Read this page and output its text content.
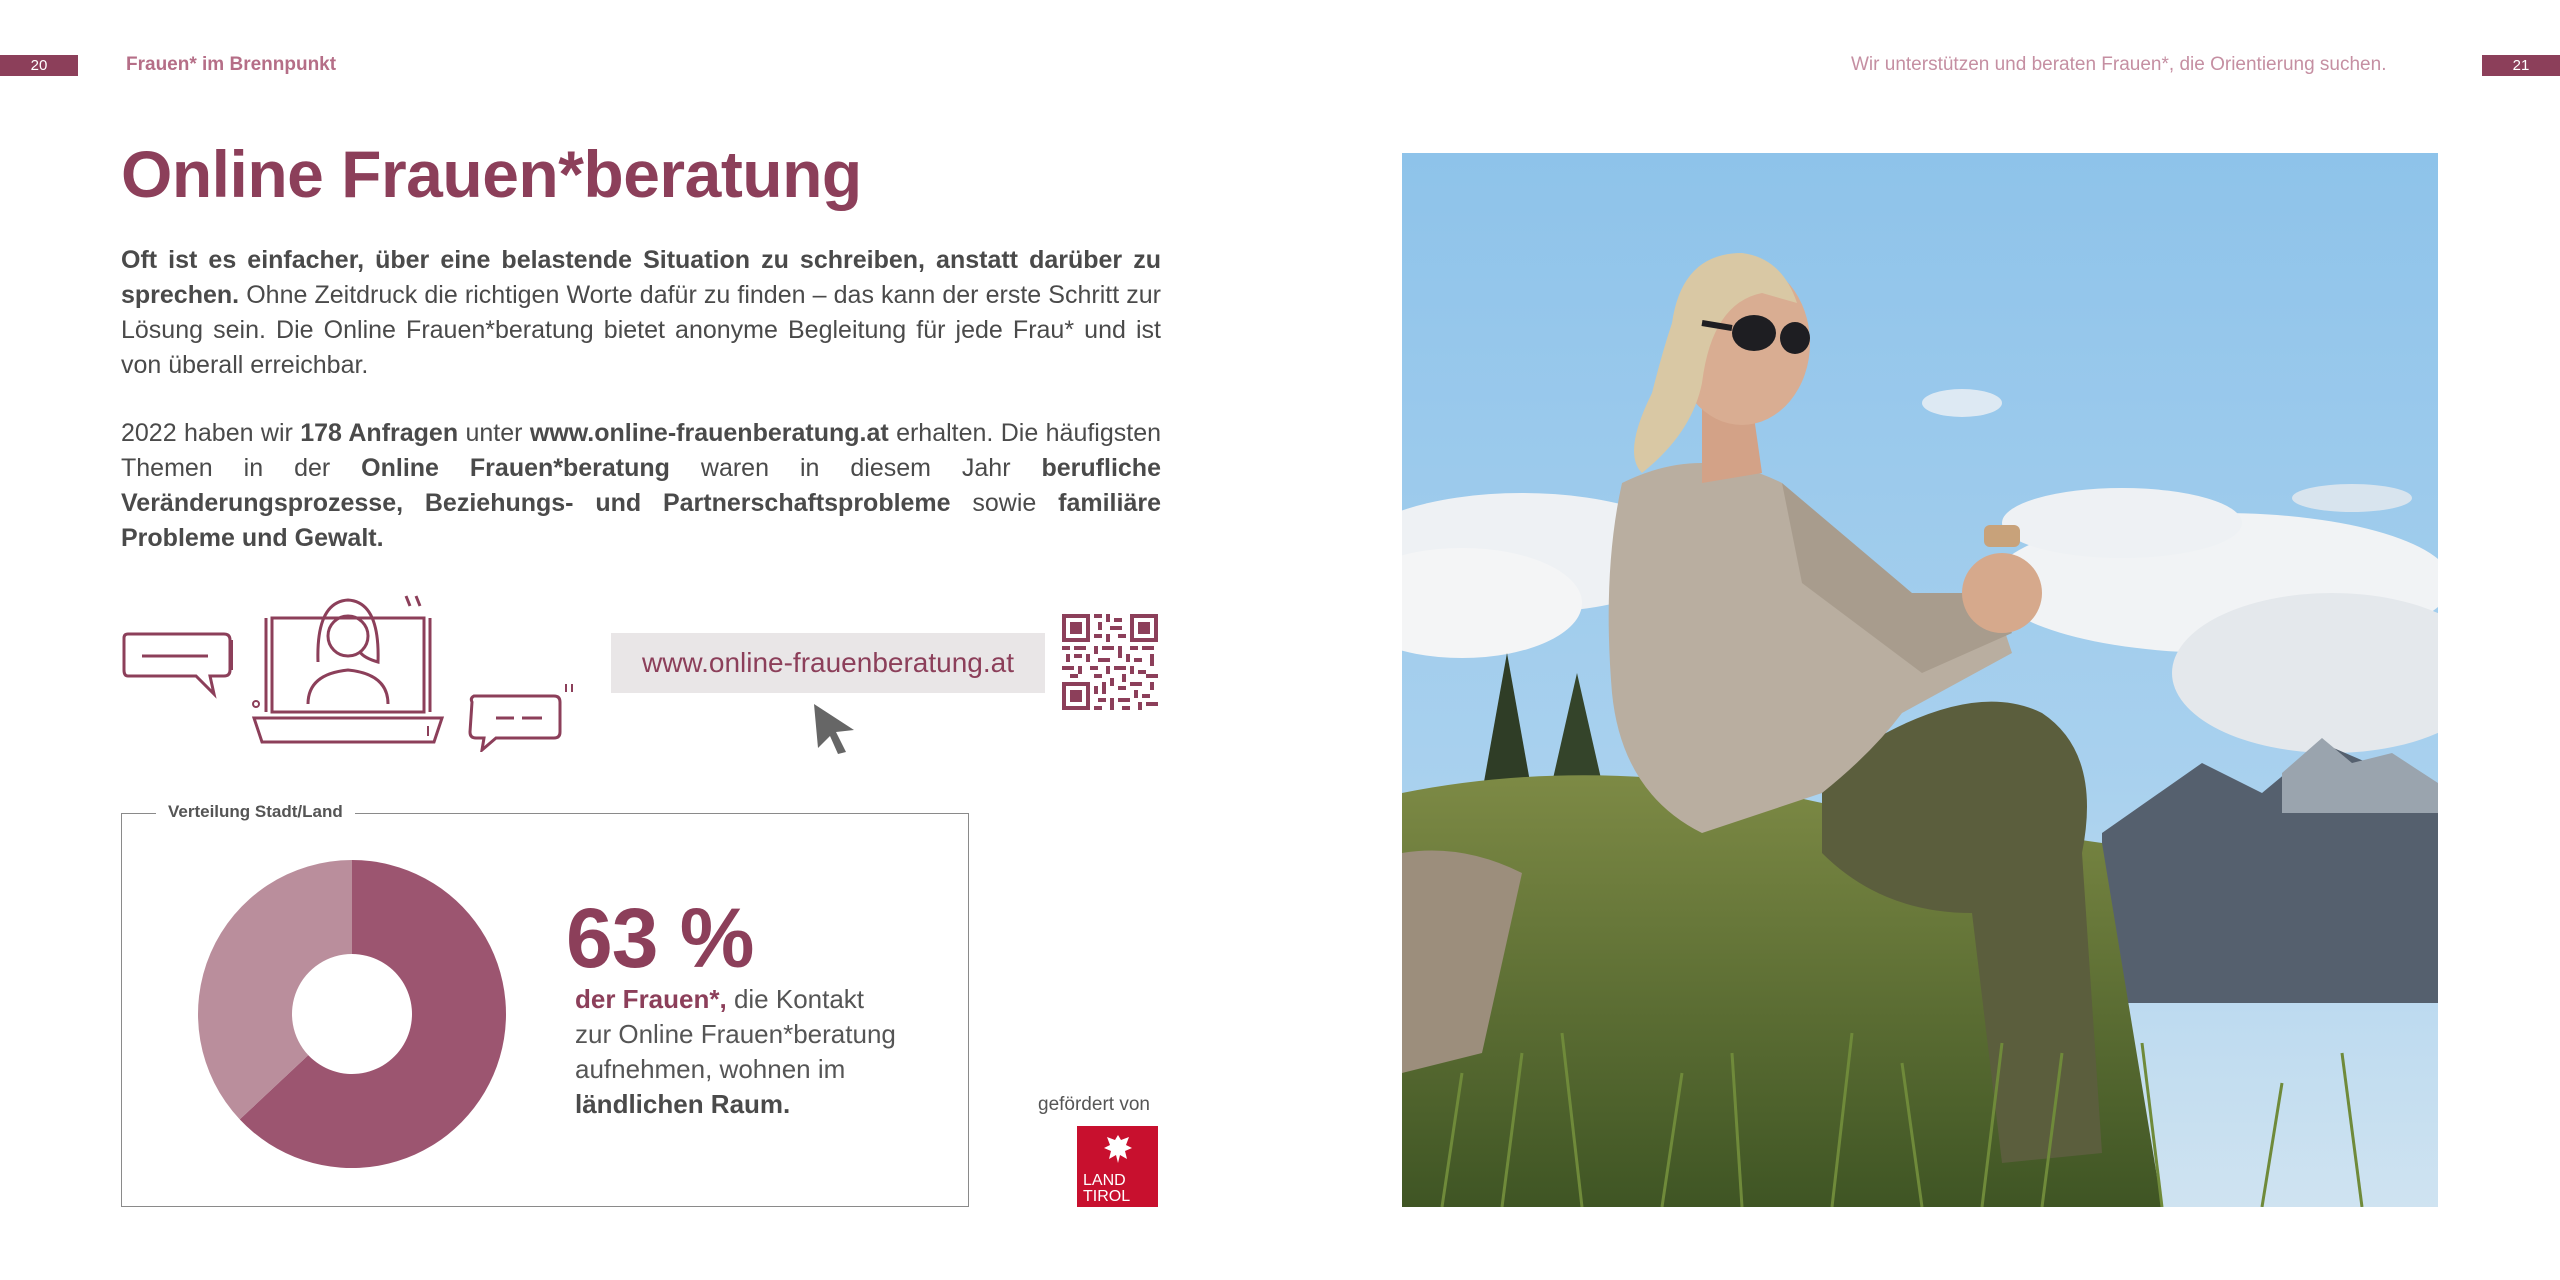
20	Frauen* im Brennpunkt	Wir unterstützen und beraten Frauen*, die Orientierung suchen.	21
Online Frauen*beratung
Oft ist es einfacher, über eine belastende Situation zu schreiben, anstatt darüber zu sprechen. Ohne Zeitdruck die richtigen Worte dafür zu finden – das kann der erste Schritt zur Lösung sein. Die Online Frauen*beratung bietet anonyme Begleitung für jede Frau* und ist von überall erreichbar.
2022 haben wir 178 Anfragen unter www.online-frauenberatung.at erhalten. Die häufigsten Themen in der Online Frauen*beratung waren in diesem Jahr berufliche Veränderungsprozesse, Beziehungs- und Partnerschaftsprobleme sowie familiäre Probleme und Gewalt.
www.online-frauenberatung.at
Verteilung Stadt/Land
63 %
der Frauen*, die Kontakt
zur Online Frauen*beratung
aufnehmen, wohnen im
ländlichen Raum.	gefördert von
LAND
TIROL
